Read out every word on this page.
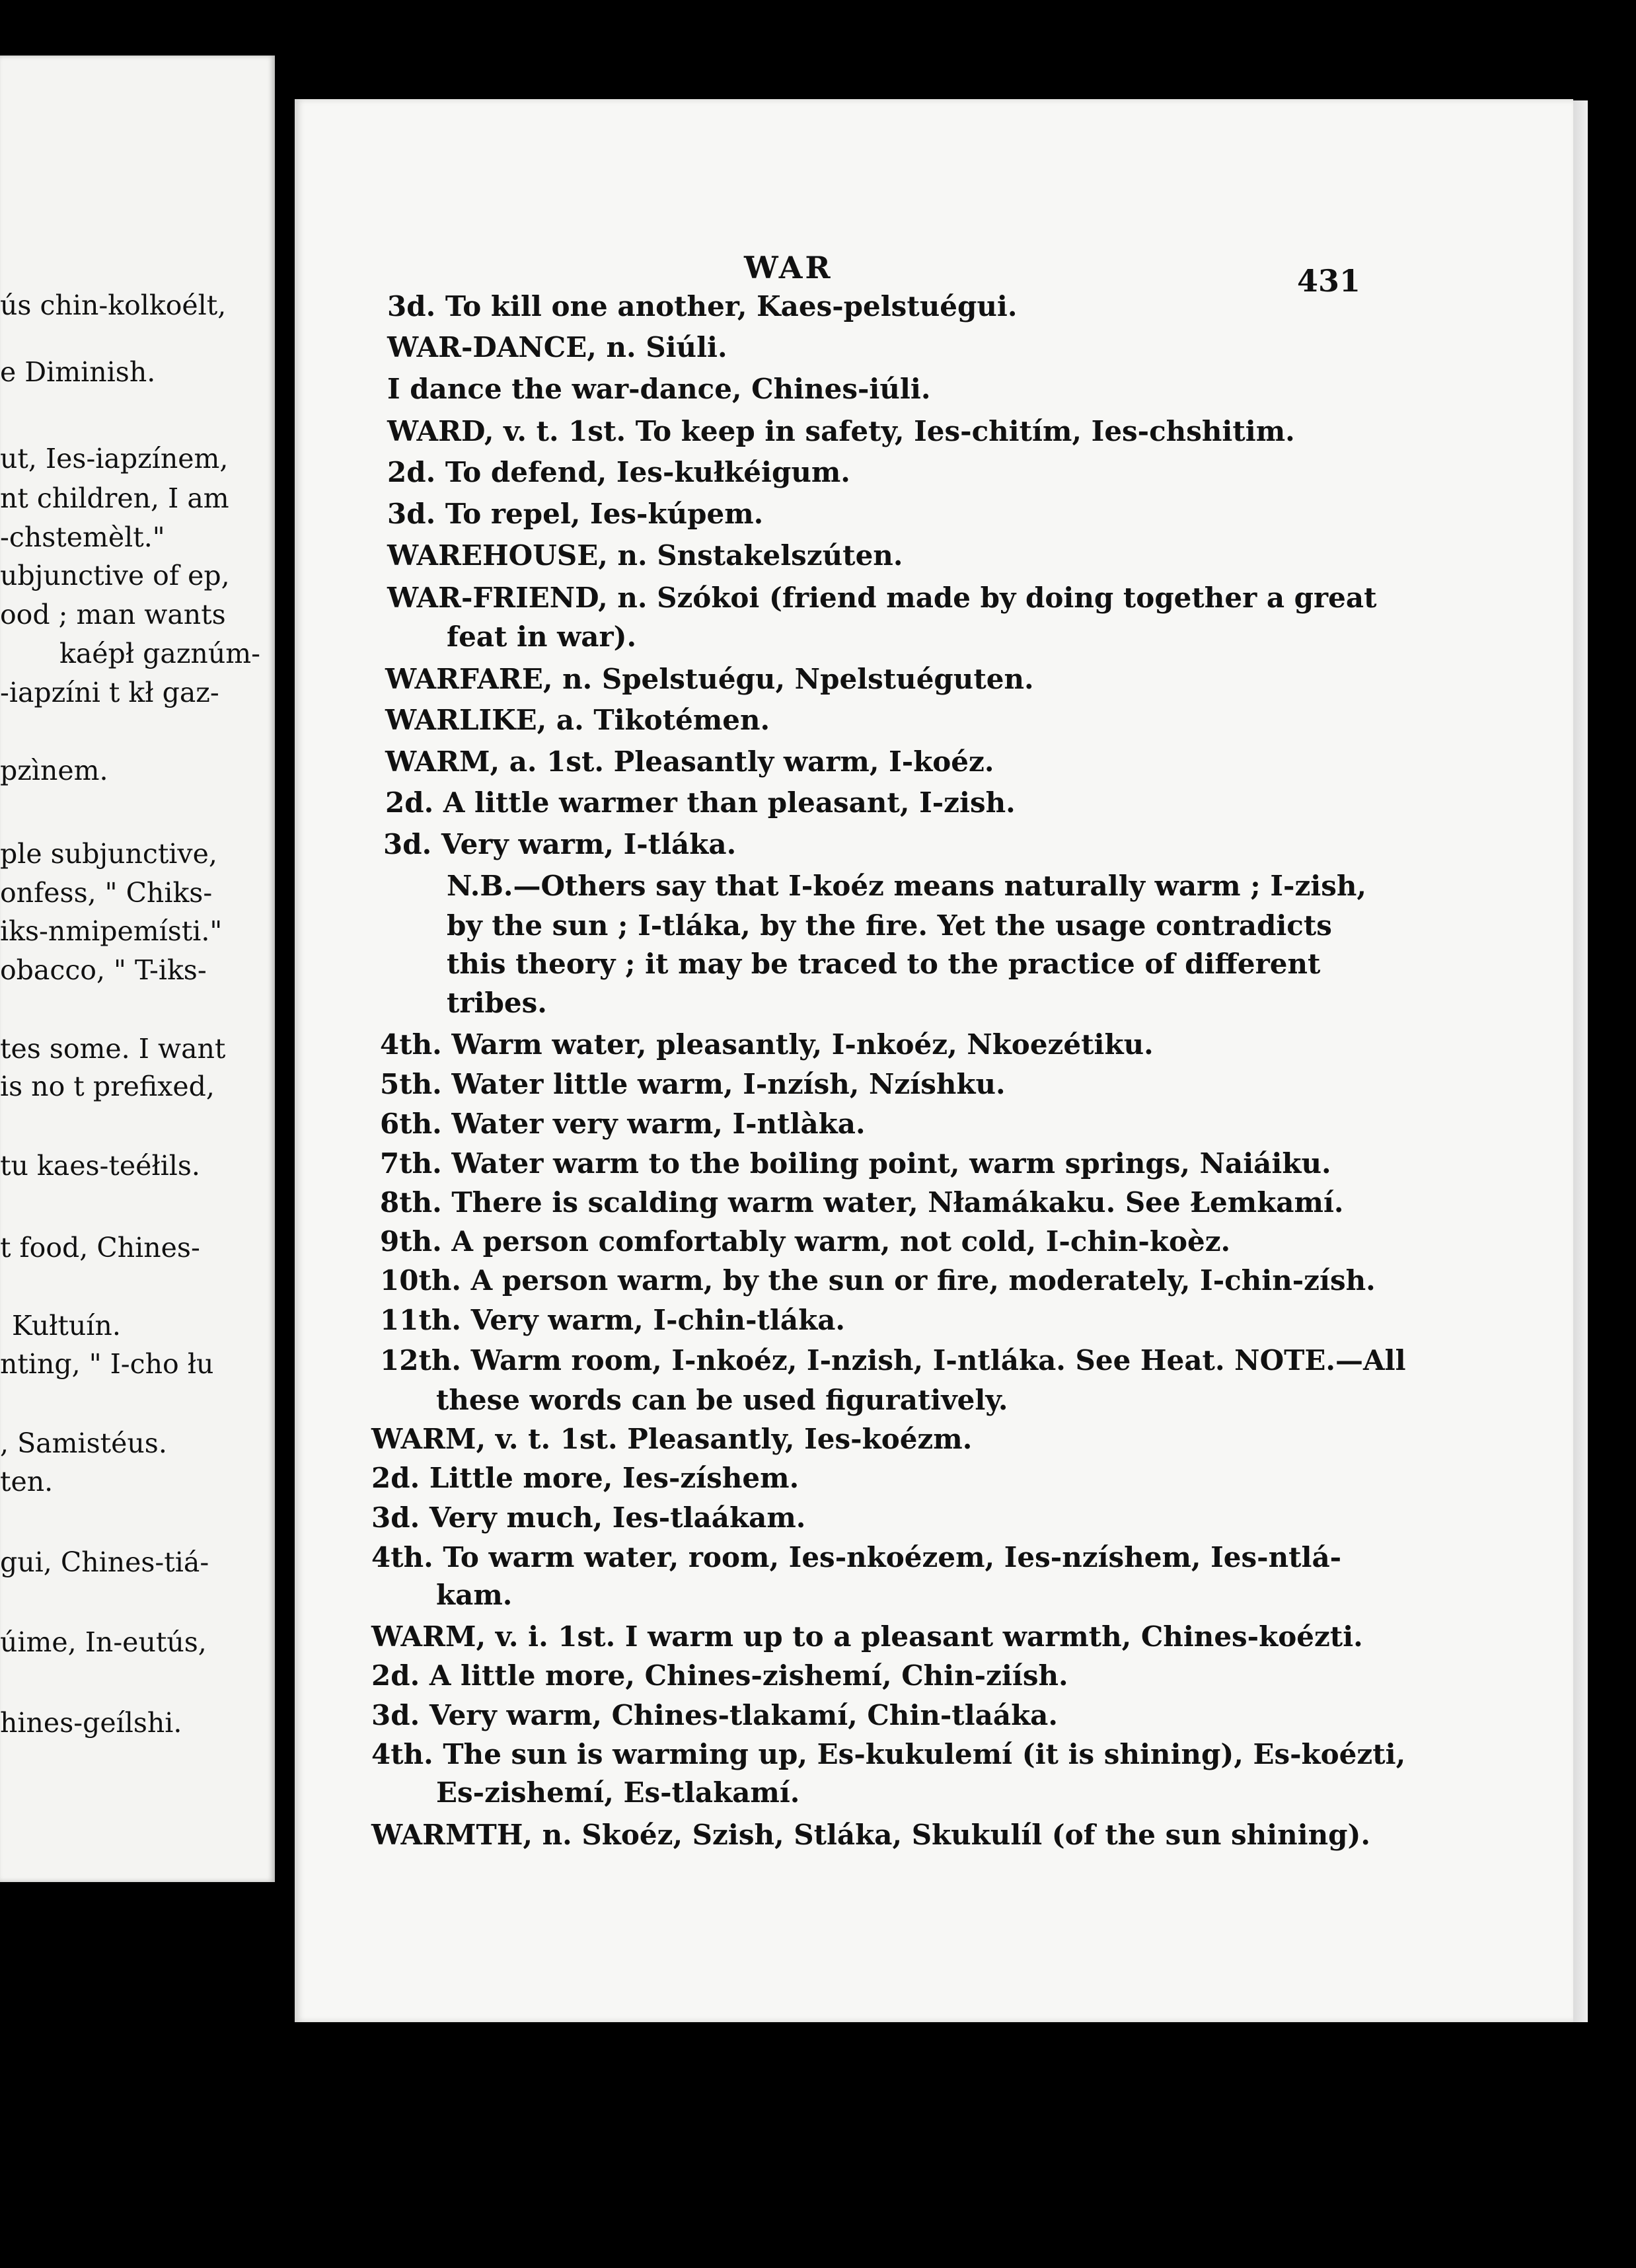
ús chin-kolkoélt,
e Diminish.
ut, Ies-iapzínem,
nt children, I am
-chstemèlt."
ubjunctive of ep,
ood ; man wants
kaépł gaznúm-
-iapzíni t kł gaz-
pzìnem.
ple subjunctive,
onfess, " Chiks-
iks-nmipemísti."
obacco, " T-iks-
tes some. I want
is no t prefixed,
tu kaes-teéłils.
t food, Chines-
Kułtuín.
nting, " I-cho łu
, Samistéus.
ten.
gui, Chines-tiá-
úime, In-eutús,
hines-geílshi.
WAR	431
3d. To kill one another, Kaes-pelstuégui.
WAR-DANCE, n. Siúli.
I dance the war-dance, Chines-iúli.
WARD, v. t. 1st. To keep in safety, Ies-chitím, Ies-chshitim.
2d. To defend, Ies-kułkéigum.
3d. To repel, Ies-kúpem.
WAREHOUSE, n. Snstakelszúten.
WAR-FRIEND, n. Szókoi (friend made by doing together a great
feat in war).
WARFARE, n. Spelstuégu, Npelstuéguten.
WARLIKE, a. Tikotémen.
WARM, a. 1st. Pleasantly warm, I-koéz.
2d. A little warmer than pleasant, I-zish.
3d. Very warm, I-tláka.
N.B.—Others say that I-koéz means naturally warm ; I-zish,
by the sun ; I-tláka, by the fire. Yet the usage contradicts
this theory ; it may be traced to the practice of different
tribes.
4th. Warm water, pleasantly, I-nkoéz, Nkoezétiku.
5th. Water little warm, I-nzísh, Nzíshku.
6th. Water very warm, I-ntlàka.
7th. Water warm to the boiling point, warm springs, Naiáiku.
8th. There is scalding warm water, Nłamákaku. See Łemkamí.
9th. A person comfortably warm, not cold, I-chin-koèz.
10th. A person warm, by the sun or fire, moderately, I-chin-zísh.
11th. Very warm, I-chin-tláka.
12th. Warm room, I-nkoéz, I-nzish, I-ntláka. See Heat. NOTE.—All
these words can be used figuratively.
WARM, v. t. 1st. Pleasantly, Ies-koézm.
2d. Little more, Ies-zíshem.
3d. Very much, Ies-tlaákam.
4th. To warm water, room, Ies-nkoézem, Ies-nzíshem, Ies-ntlá-
kam.
WARM, v. i. 1st. I warm up to a pleasant warmth, Chines-koézti.
2d. A little more, Chines-zishemí, Chin-ziísh.
3d. Very warm, Chines-tlakamí, Chin-tlaáka.
4th. The sun is warming up, Es-kukulemí (it is shining), Es-koézti,
Es-zishemí, Es-tlakamí.
WARMTH, n. Skoéz, Szish, Stláka, Skukulíl (of the sun shining).
